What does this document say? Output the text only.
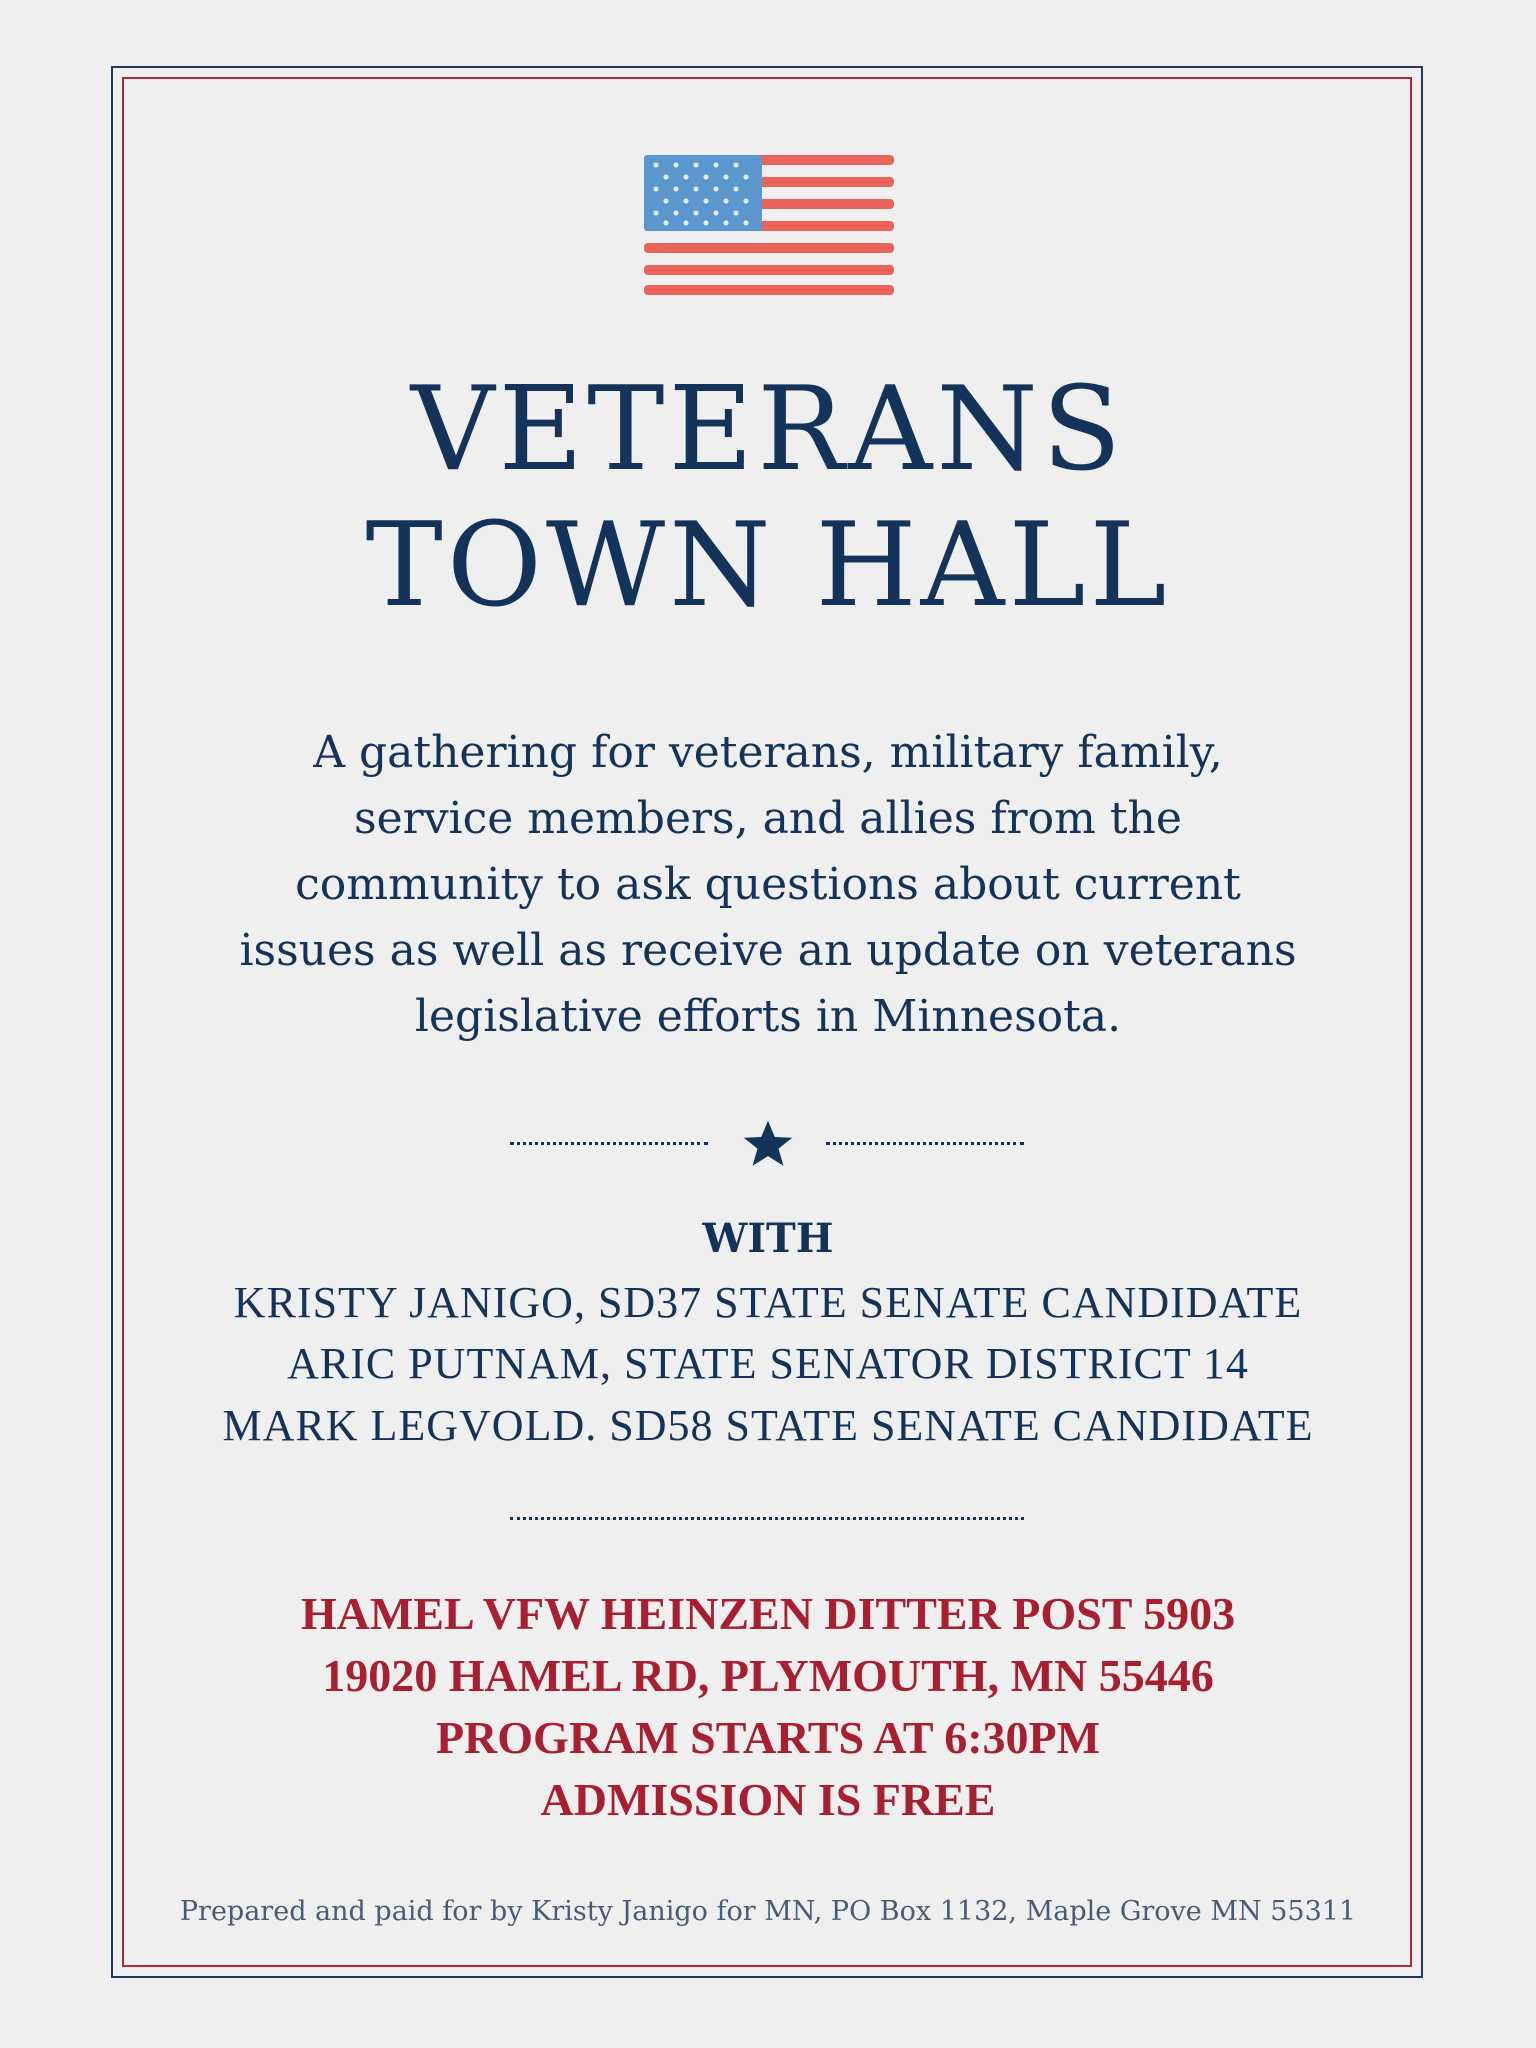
VETERANS
TOWN HALL
A gathering for veterans, military family,
service members, and allies from the
community to ask questions about current
issues as well as receive an update on veterans
legislative efforts in Minnesota.
WITH
KRISTY JANIGO, SD37 STATE SENATE CANDIDATE
ARIC PUTNAM, STATE SENATOR DISTRICT 14
MARK LEGVOLD. SD58 STATE SENATE CANDIDATE
HAMEL VFW HEINZEN DITTER POST 5903
19020 HAMEL RD, PLYMOUTH, MN 55446
PROGRAM STARTS AT 6:30PM
ADMISSION IS FREE
Prepared and paid for by Kristy Janigo for MN, PO Box 1132, Maple Grove MN 55311
